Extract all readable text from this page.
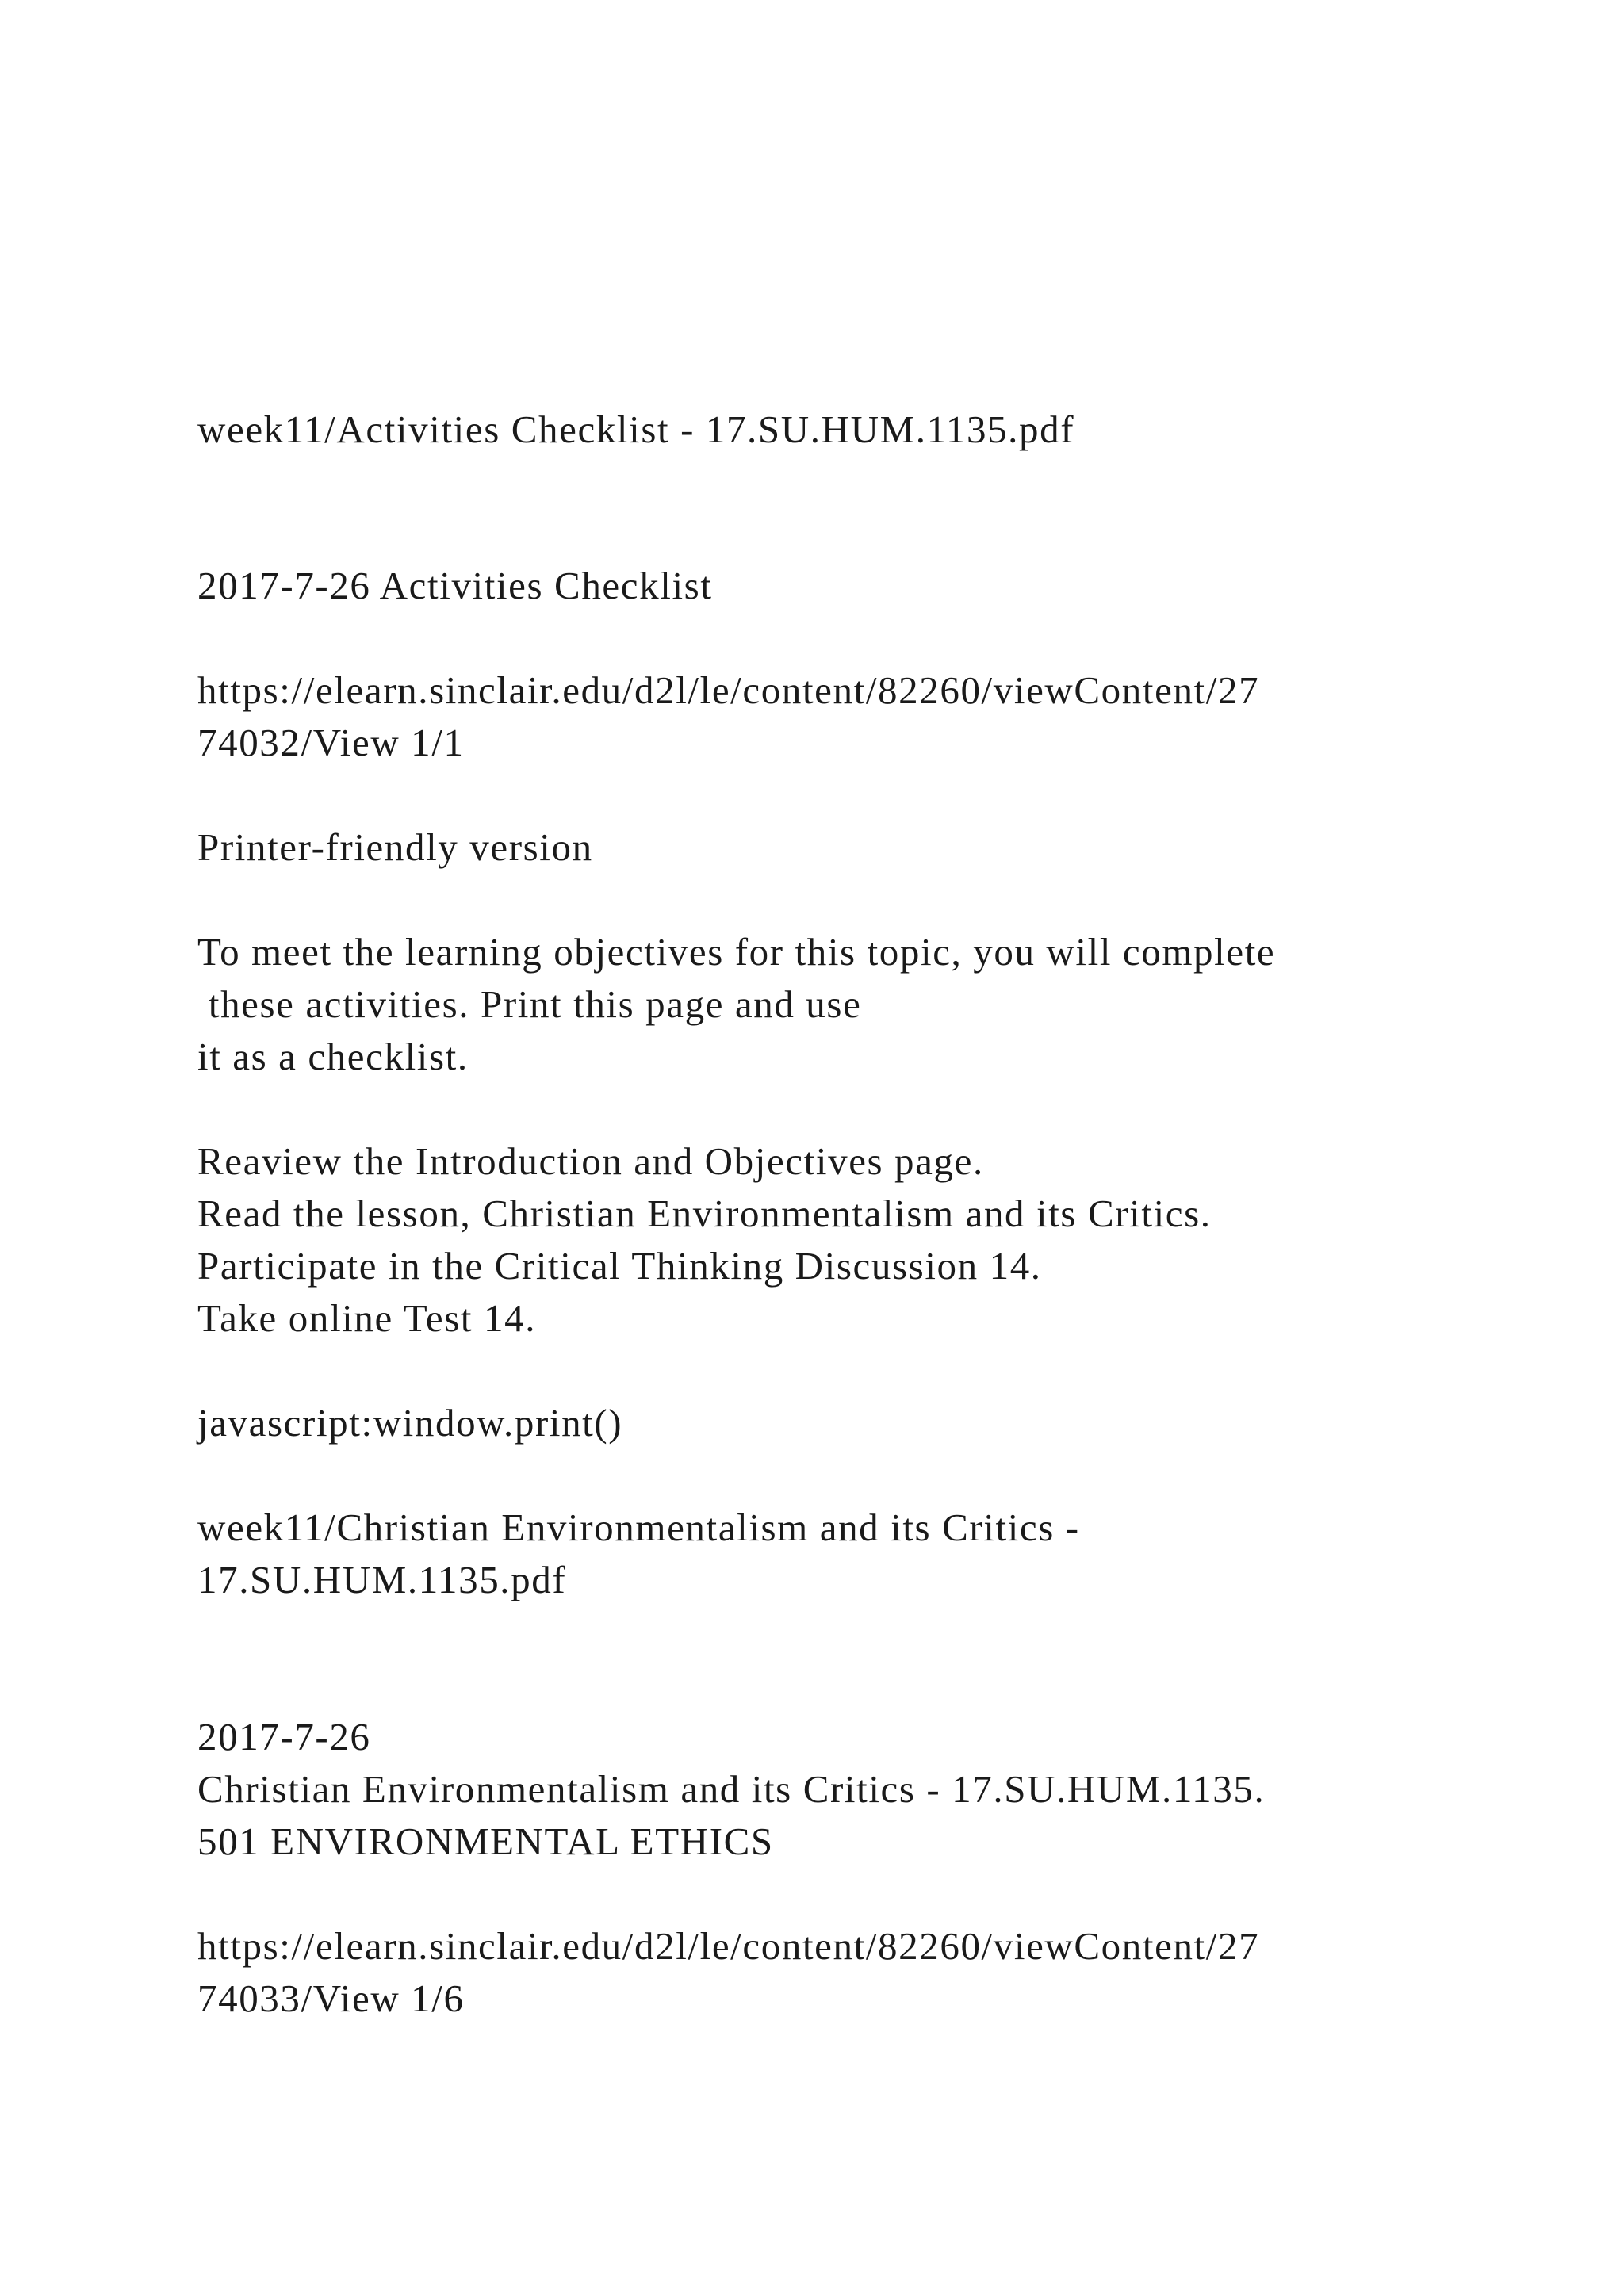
week11/Activities Checklist - 17.SU.HUM.1135.pdf
2017-7-26 Activities Checklist
https://elearn.sinclair.edu/d2l/le/content/82260/viewContent/27
74032/View 1/1
Printer-friendly version
To meet the learning objectives for this topic, you will complete
these activities. Print this page and use
it as a checklist.
Reaview the Introduction and Objectives page.
Read the lesson, Christian Environmentalism and its Critics.
Participate in the Critical Thinking Discussion 14.
Take online Test 14.
javascript:window.print()
week11/Christian Environmentalism and its Critics -
17.SU.HUM.1135.pdf
2017-7-26
Christian Environmentalism and its Critics - 17.SU.HUM.1135.
501 ENVIRONMENTAL ETHICS
https://elearn.sinclair.edu/d2l/le/content/82260/viewContent/27
74033/View 1/6
